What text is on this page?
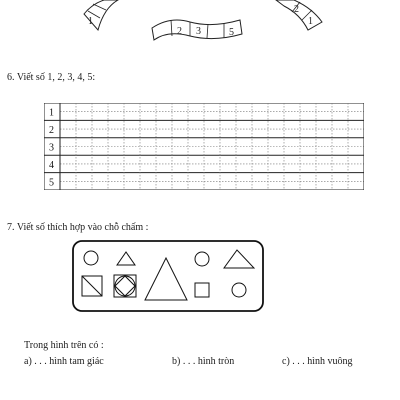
1
2 3	5
2
1
6. Viết số 1, 2, 3, 4, 5:
1
2
3
4
5
7. Viết số thích hợp vào chỗ chấm :
Trong hình trên có :
a) . . . hình tam giác	b) . . . hình tròn	c) . . . hình vuông
